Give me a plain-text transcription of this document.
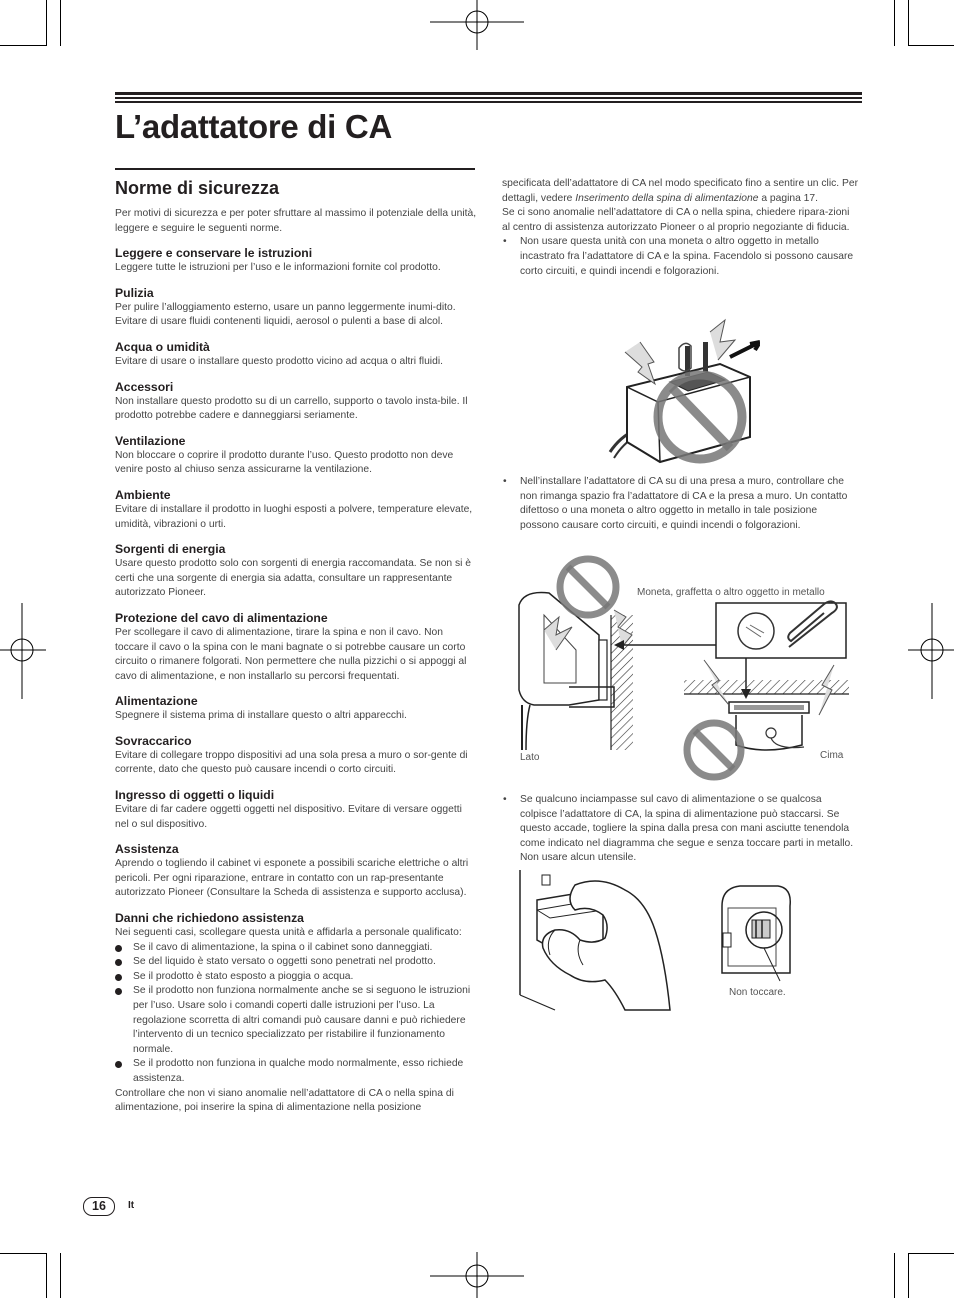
L’adattatore di CA
Norme di sicurezza

Per motivi di sicurezza e per poter sfruttare al massimo il potenziale della unità, leggere e seguire le seguenti norme.

Leggere e conservare le istruzioni

Leggere tutte le istruzioni per l’uso e le informazioni fornite col prodotto.

Pulizia

Per pulire l’alloggiamento esterno, usare un panno leggermente inumi-dito. Evitare di usare fluidi contenenti liquidi, aerosol o pulenti a base di alcol.

Acqua o umidità

Evitare di usare o installare questo prodotto vicino ad acqua o altri fluidi.

Accessori

Non installare questo prodotto su di un carrello, supporto o tavolo insta-bile. Il prodotto potrebbe cadere e danneggiarsi seriamente.

Ventilazione

Non bloccare o coprire il prodotto durante l’uso. Questo prodotto non deve venire posto al chiuso senza assicurarne la ventilazione.

Ambiente

Evitare di installare il prodotto in luoghi esposti a polvere, temperature elevate, umidità, vibrazioni o urti.

Sorgenti di energia

Usare questo prodotto solo con sorgenti di energia raccomandata. Se non si è certi che una sorgente di energia sia adatta, consultare un rappresentante autorizzato Pioneer.

Protezione del cavo di alimentazione

Per scollegare il cavo di alimentazione, tirare la spina e non il cavo. Non toccare il cavo o la spina con le mani bagnate o si potrebbe causare un corto circuito o rimanere folgorati. Non permettere che nulla pizzichi o si appoggi al cavo di alimentazione, e non installarlo su percorsi frequentati.

Alimentazione

Spegnere il sistema prima di installare questo o altri apparecchi.

Sovraccarico

Evitare di collegare troppo dispositivi ad una sola presa a muro o sor-gente di corrente, dato che questo può causare incendi o corto circuiti.

Ingresso di oggetti o liquidi

Evitare di far cadere oggetti oggetti nel dispositivo. Evitare di versare oggetti nel o sul dispositivo.

Assistenza

Aprendo o togliendo il cabinet vi esponete a possibili scariche elettriche o altri pericoli. Per ogni riparazione, entrare in contatto con un rap-presentante autorizzato Pioneer (Consultare la Scheda di assistenza e supporto acclusa).

Danni che richiedono assistenza

Nei seguenti casi, scollegare questa unità e affidarla a personale qualificato:

Se il cavo di alimentazione, la spina o il cabinet sono danneggiati.
Se del liquido è stato versato o oggetti sono penetrati nel prodotto.
Se il prodotto è stato esposto a pioggia o acqua.
Se il prodotto non funziona normalmente anche se si seguono le istruzioni per l’uso. Usare solo i comandi coperti dalle istruzioni per l’uso. La regolazione scorretta di altri comandi può causare danni e può richiedere l’intervento di un tecnico specializzato per ristabilire il funzionamento normale.
Se il prodotto non funziona in qualche modo normalmente, esso richiede assistenza.

Controllare che non vi siano anomalie nell’adattatore di CA o nella spina di alimentazione, poi inserire la spina di alimentazione nella posizione

specificata dell’adattatore di CA nel modo specificato fino a sentire un clic. Per dettagli, vedere Inserimento della spina di alimentazione a pagina 17.

Se ci sono anomalie nell’adattatore di CA o nella spina, chiedere ripara-zioni al centro di assistenza autorizzato Pioneer o al proprio negoziante di fiducia.

• Non usare questa unità con una moneta o altro oggetto in metallo incastrato fra l’adattatore di CA e la spina. Facendolo si possono causare corto circuiti, e quindi incendi e folgorazioni.
• Nell’installare l’adattatore di CA su di una presa a muro, controllare che non rimanga spazio fra l’adattatore di CA e la presa a muro. Un contatto difettoso o una moneta o altro oggetto in metallo in tale posizione possono causare corto circuiti, e quindi incendi o folgorazioni.
Moneta, graffetta o altro oggetto in metallo
Lato	Cima
• Se qualcuno inciampasse sul cavo di alimentazione o se qualcosa colpisce l’adattatore di CA, la spina di alimentazione può staccarsi. Se questo accade, togliere la spina dalla presa con mani asciutte tenendola come indicato nel diagramma che segue e senza toccare parti in metallo. Non usare alcun utensile.
Non toccare.
16	It
